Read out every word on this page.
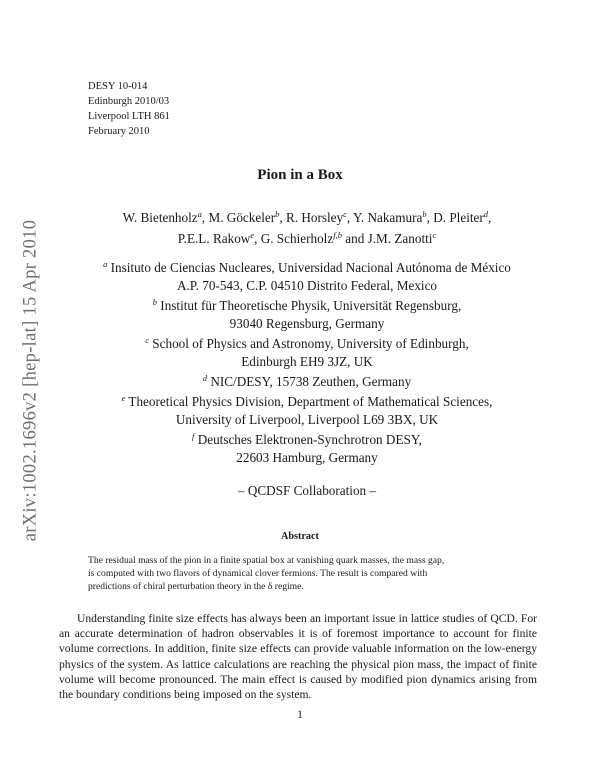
DESY 10-014
Edinburgh 2010/03
Liverpool LTH 861
February 2010
arXiv:1002.1696v2 [hep-lat] 15 Apr 2010
Pion in a Box
W. Bietenholz$^a$, M. Göckeler$^b$, R. Horsley$^c$, Y. Nakamura$^b$, D. Pleiter$^d$,
P.E.L. Rakow$^e$, G. Schierholz$^{f,b}$ and J.M. Zanotti$^c$
$^a$ Insituto de Ciencias Nucleares, Universidad Nacional Autónoma de México
A.P. 70-543, C.P. 04510 Distrito Federal, Mexico
$^b$ Institut für Theoretische Physik, Universität Regensburg,
93040 Regensburg, Germany
$^c$ School of Physics and Astronomy, University of Edinburgh,
Edinburgh EH9 3JZ, UK
$^d$ NIC/DESY, 15738 Zeuthen, Germany
$^e$ Theoretical Physics Division, Department of Mathematical Sciences,
University of Liverpool, Liverpool L69 3BX, UK
$^f$ Deutsches Elektronen-Synchrotron DESY,
22603 Hamburg, Germany
– QCDSF Collaboration –
Abstract
The residual mass of the pion in a finite spatial box at vanishing quark masses, the mass gap,
is computed with two flavors of dynamical clover fermions. The result is compared with
predictions of chiral perturbation theory in the δ regime.
Understanding finite size effects has always been an important issue in lattice studies of QCD. For an accurate determination of hadron observables it is of foremost importance to account for finite volume corrections. In addition, finite size effects can provide valuable information on the low-energy physics of the system. As lattice calculations are reaching the physical pion mass, the impact of finite volume will become pronounced. The main effect is caused by modified pion dynamics arising from the boundary conditions being imposed on the system.
1
